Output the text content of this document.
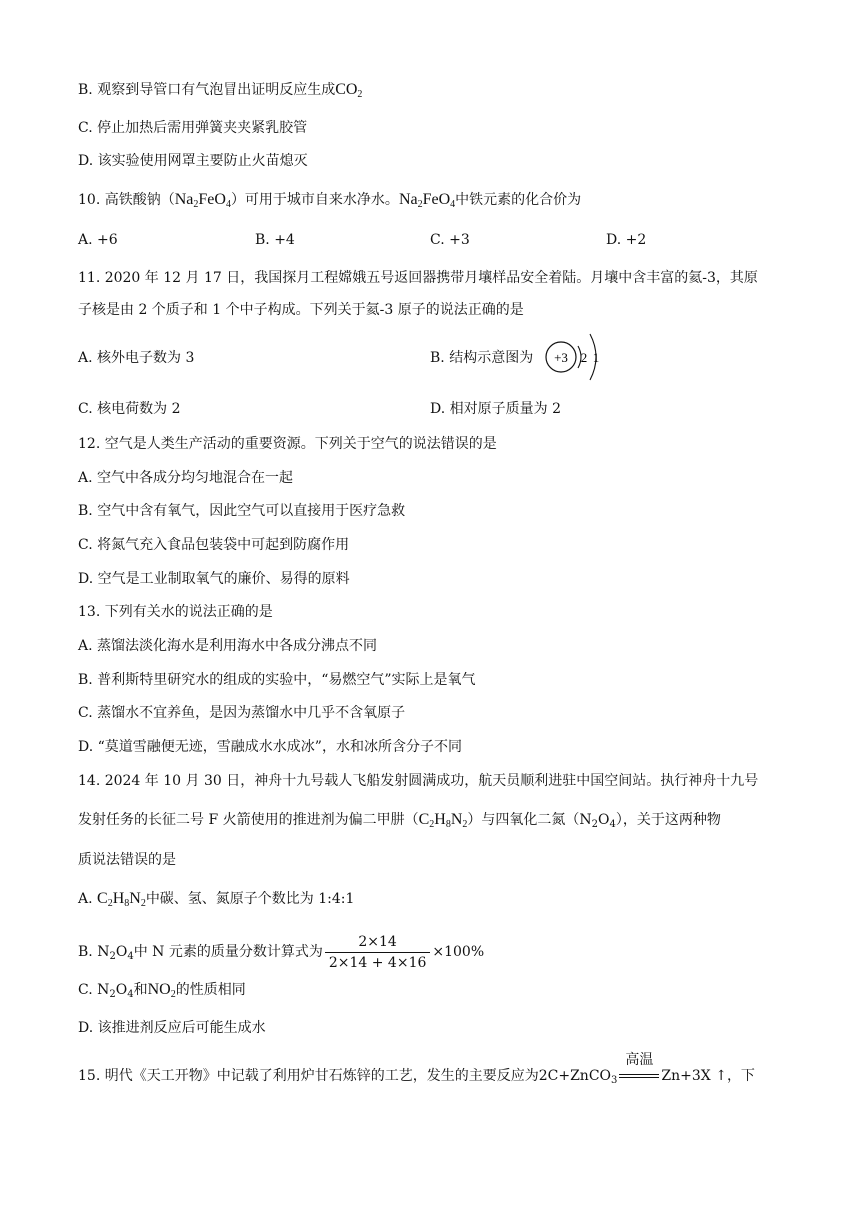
B. 观察到导管口有气泡冒出证明反应生成$CO_2$
C. 停止加热后需用弹簧夹夹紧乳胶管
D. 该实验使用网罩主要防止火苗熄灭
10. 高铁酸钠$(Na_2FeO_4)$可用于城市自来水净水。$Na_2FeO_4$中铁元素的化合价为
A. +6	B. +4	C. +3	D. +2
11. 2020 年 12 月 17 日，我国探月工程嫦娥五号返回器携带月壤样品安全着陆。月壤中含丰富的氦-3，其原
子核是由 2 个质子和 1 个中子构成。下列关于氦-3 原子的说法正确的是
A. 核外电子数为 3	B. 结构示意图为 +3 2 1
C. 核电荷数为 2	D. 相对原子质量为 2
12. 空气是人类生产活动的重要资源。下列关于空气的说法错误的是
A. 空气中各成分均匀地混合在一起
B. 空气中含有氧气，因此空气可以直接用于医疗急救
C. 将氮气充入食品包装袋中可起到防腐作用
D. 空气是工业制取氧气的廉价、易得的原料
13. 下列有关水的说法正确的是
A. 蒸馏法淡化海水是利用海水中各成分沸点不同
B. 普利斯特里研究水的组成的实验中，“易燃空气”实际上是氧气
C. 蒸馏水不宜养鱼，是因为蒸馏水中几乎不含氧原子
D. “莫道雪融便无迹，雪融成水水成冰”，水和冰所含分子不同
14. 2024 年 10 月 30 日，神舟十九号载人飞船发射圆满成功，航天员顺利进驻中国空间站。执行神舟十九号
发射任务的长征二号 F 火箭使用的推进剂为偏二甲肼$(C_2H_8N_2)$与四氧化二氮$(N_2O_4)$，关于这两种物
质说法错误的是
A. $C_2H_8N_2$中碳、氢、氮原子个数比为 1:4:1
B. $N_2O_4$中 N 元素的质量分数计算式为 $\frac{2\times 14}{2\times 14 + 4\times 16} \times 100\%$
C. $N_2O_4$和$NO_2$的性质相同
D. 该推进剂反应后可能生成水
15. 明代《天工开物》中记载了利用炉甘石炼锌的工艺，发生的主要反应为2C+ZnCO$_3$
高温
Zn+3X ↑，下
